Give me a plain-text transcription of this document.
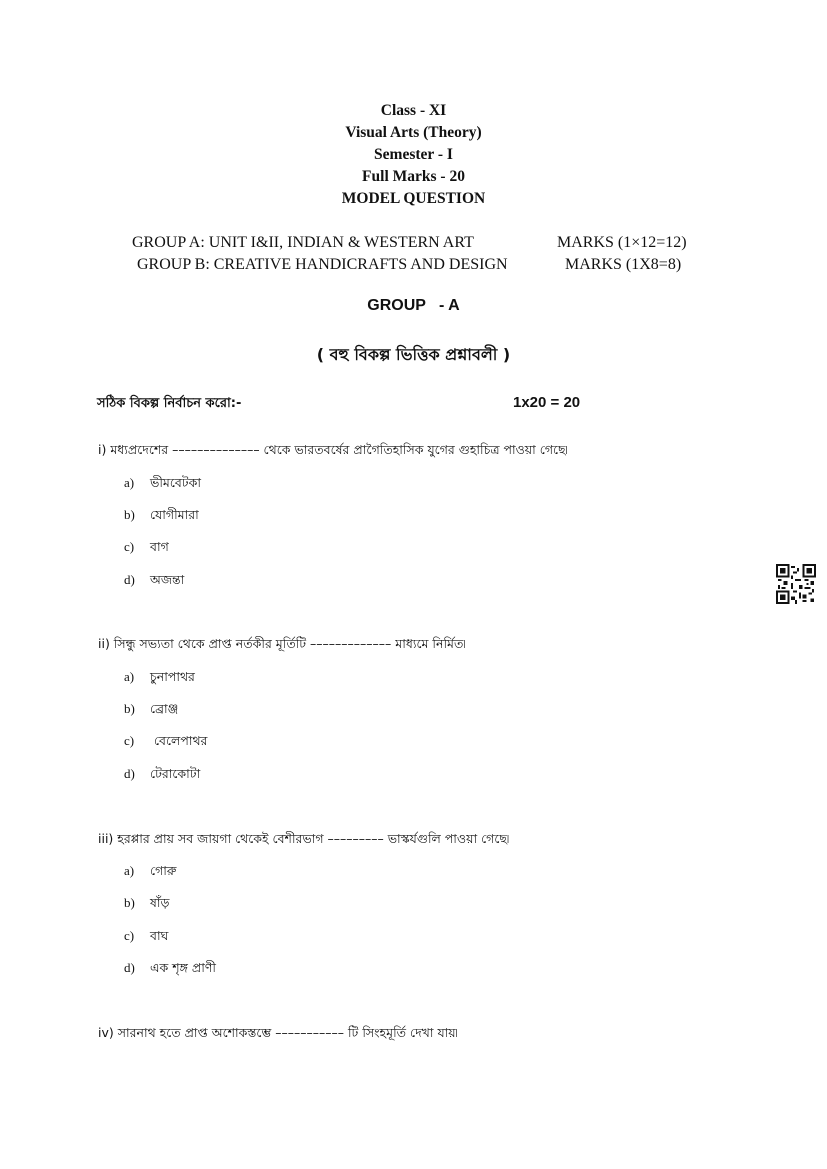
Class - XI
Visual Arts (Theory)
Semester - I
Full Marks - 20
MODEL QUESTION
GROUP A: UNIT I&II, INDIAN & WESTERN ART	MARKS (1×12=12)
GROUP B: CREATIVE HANDICRAFTS AND DESIGN	MARKS (1X8=8)
GROUP   - A
( বহু বিকল্প ভিত্তিক প্রশ্নাবলী )
সঠিক বিকল্প নির্বাচন করো:-	1x20 = 20
i) মধ্যপ্রদেশের –––––––––––––– থেকে ভারতবর্ষের প্রাগৈতিহাসিক যুগের গুহাচিত্র পাওয়া গেছে৷
a) ভীমবেটকা
b) যোগীমারা
c) বাগ
d) অজন্তা
ii) সিন্ধু সভ্যতা থেকে প্রাপ্ত নর্তকীর মূর্তিটি ––––––––––––– মাধ্যমে নির্মিত৷
a) চুনাপাথর
b) ব্রোঞ্জ
c) বেলেপাথর
d) টেরাকোটা
iii) হরপ্পার প্রায় সব জায়গা থেকেই বেশীরভাগ ––––––––– ভাস্কর্যগুলি পাওয়া গেছে৷
a) গোরু
b) ষাঁড়
c) বাঘ
d) এক শৃঙ্গ প্রাণী
iv) সারনাথ হতে প্রাপ্ত অশোকস্তম্ভে ––––––––––– টি সিংহমূর্তি দেখা যায়৷
